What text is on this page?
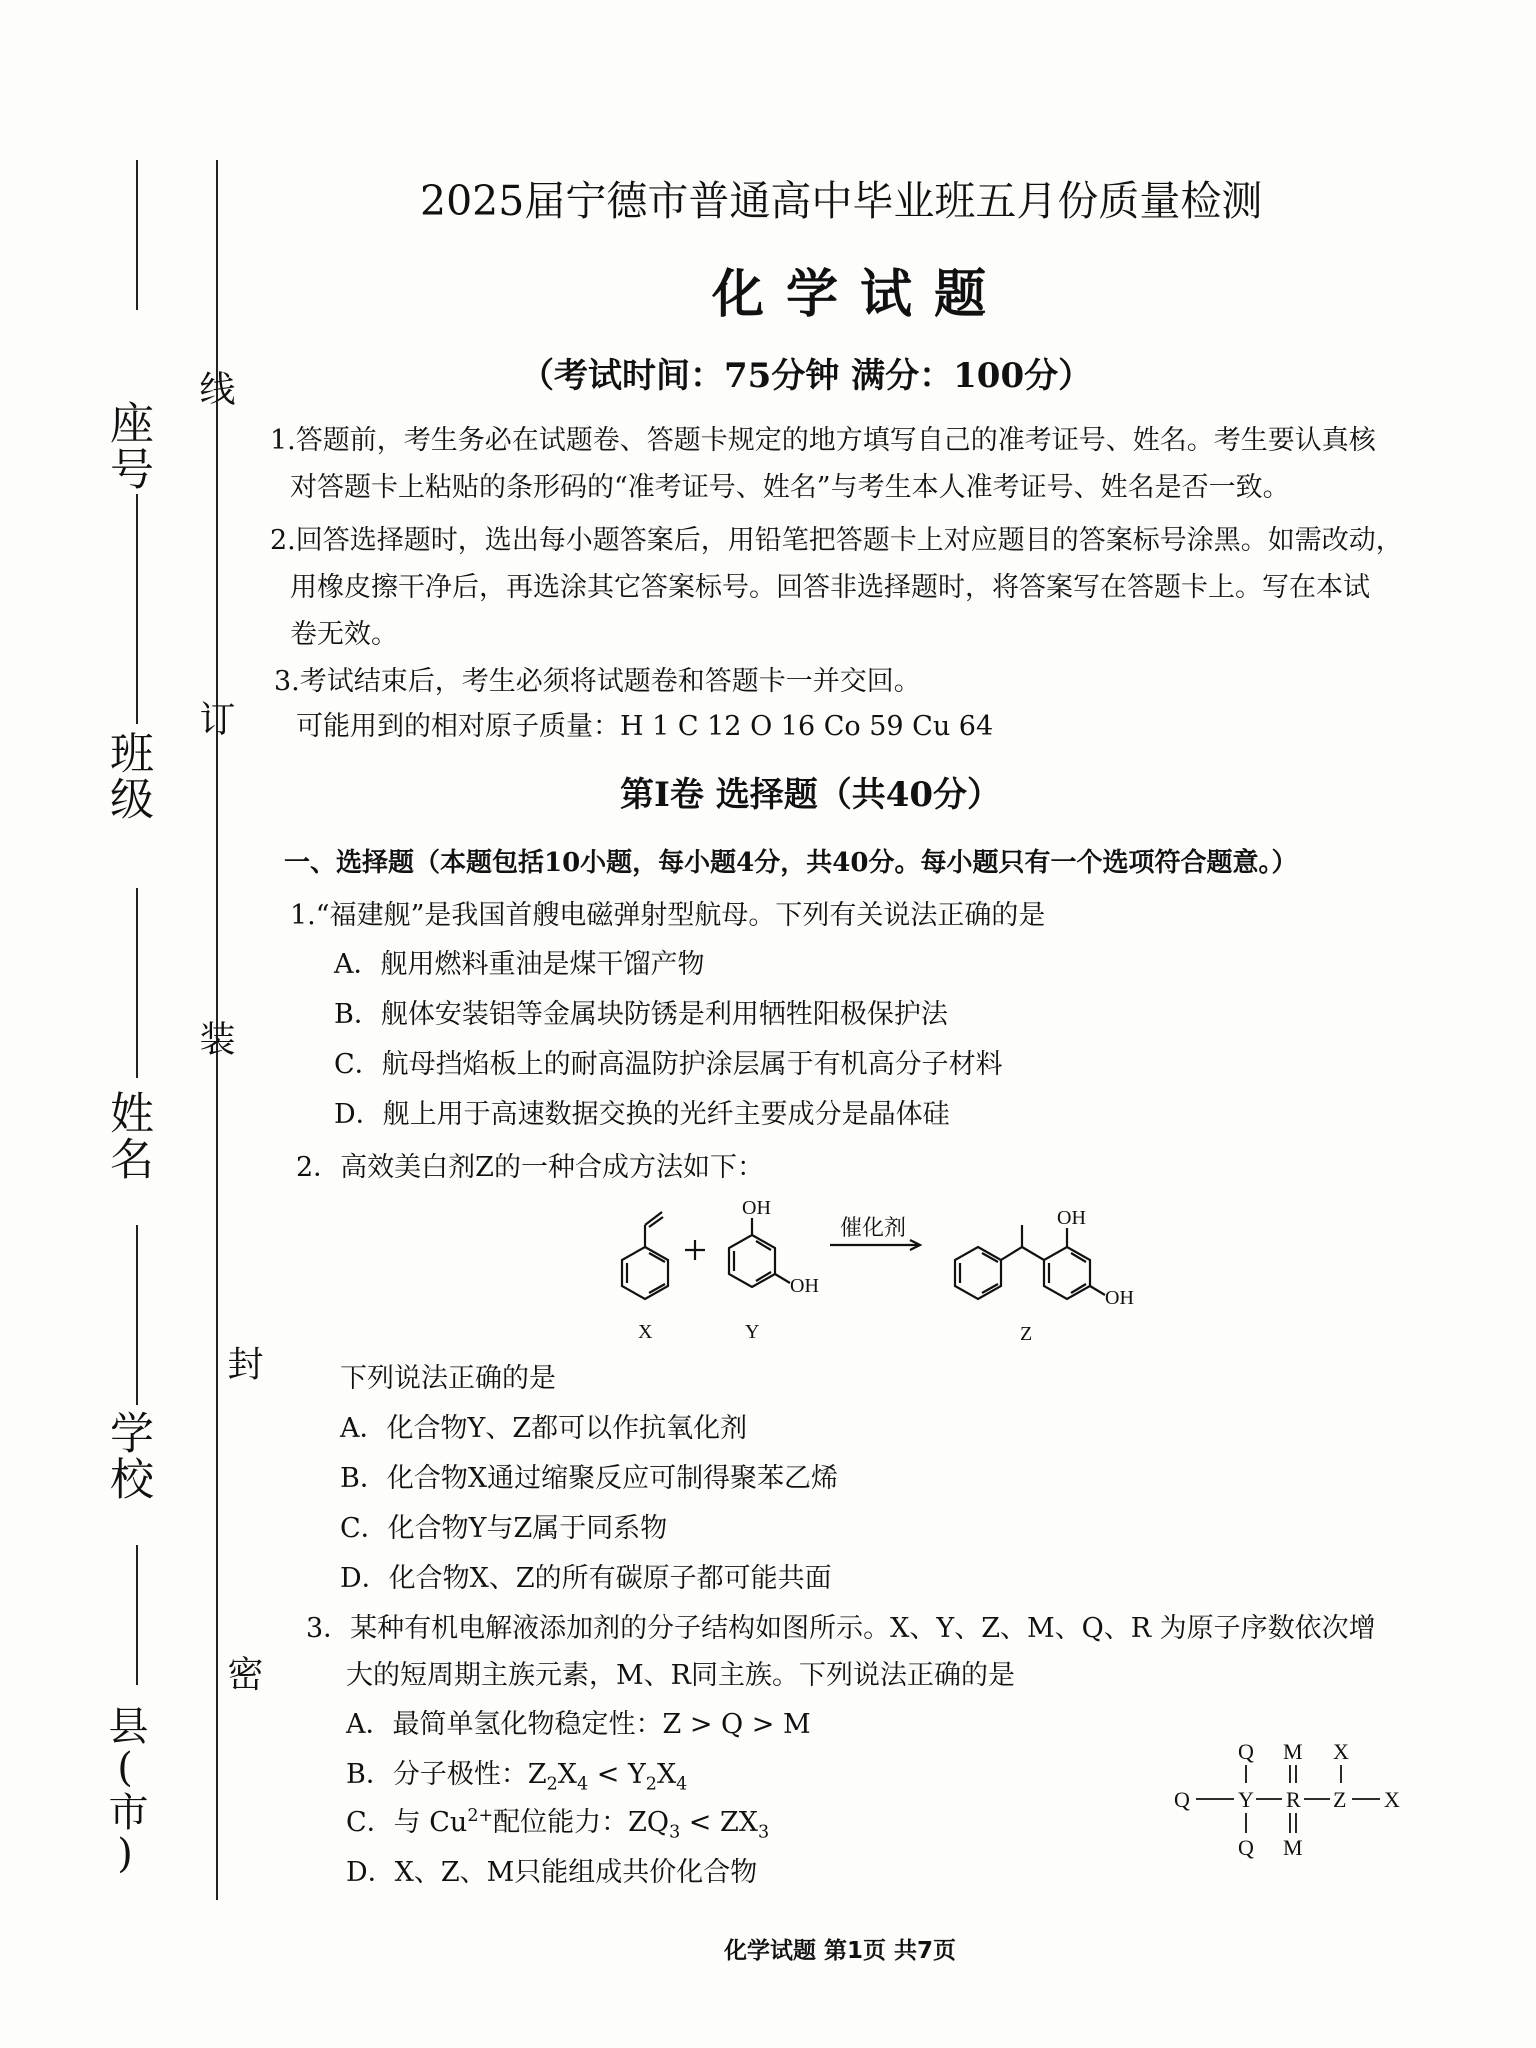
座号
班级
姓名
学校
县(市)
线
订
装
封
密
2025届宁德市普通高中毕业班五月份质量检测
化学试题
（考试时间：75分钟 满分：100分）
1.答题前，考生务必在试题卷、答题卡规定的地方填写自己的准考证号、姓名。考生要认真核
对答题卡上粘贴的条形码的“准考证号、姓名”与考生本人准考证号、姓名是否一致。
2.回答选择题时，选出每小题答案后，用铅笔把答题卡上对应题目的答案标号涂黑。如需改动，
用橡皮擦干净后，再选涂其它答案标号。回答非选择题时，将答案写在答题卡上。写在本试
卷无效。
3.考试结束后，考生必须将试题卷和答题卡一并交回。
可能用到的相对原子质量：H 1 C 12 O 16 Co 59 Cu 64
第Ⅰ卷 选择题（共40分）
一、选择题（本题包括10小题，每小题4分，共40分。每小题只有一个选项符合题意。）
1.“福建舰”是我国首艘电磁弹射型航母。下列有关说法正确的是
A．舰用燃料重油是煤干馏产物
B．舰体安装铝等金属块防锈是利用牺牲阳极保护法
C．航母挡焰板上的耐高温防护涂层属于有机高分子材料
D．舰上用于高速数据交换的光纤主要成分是晶体硅
2．高效美白剂Z的一种合成方法如下：
OH
OH
OH
OH
X	Y	Z
催化剂
下列说法正确的是
A．化合物Y、Z都可以作抗氧化剂
B．化合物X通过缩聚反应可制得聚苯乙烯
C．化合物Y与Z属于同系物
D．化合物X、Z的所有碳原子都可能共面
3．某种有机电解液添加剂的分子结构如图所示。X、Y、Z、M、Q、R 为原子序数依次增
大的短周期主族元素，M、R同主族。下列说法正确的是
A．最简单氢化物稳定性：Z > Q > M
B．分子极性：$Z_2X_4 < Y_2X_4$
C．与 $Cu^{2+}$配位能力：$ZQ_3 < ZX_3$
D．X、Z、M只能组成共价化合物
Q
Q
Q
Y
M
R
M
Z
X
X
化学试题 第1页 共7页
